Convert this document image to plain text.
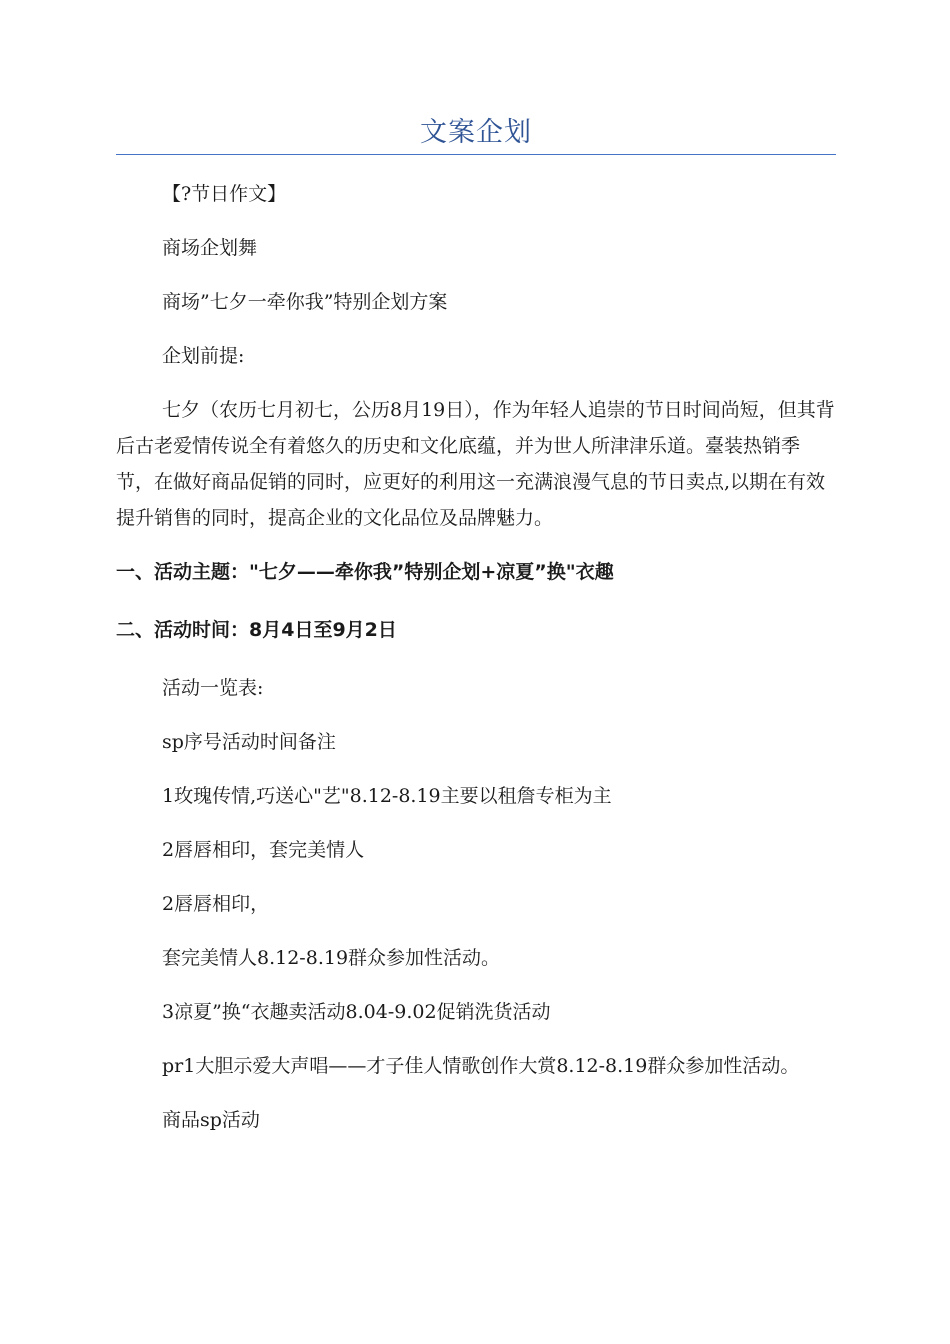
文案企划

【?节日作文】

商场企划舞

商场”七夕一牵你我”特别企划方案

企划前提:

七夕（农历七月初七，公历8月19日），作为年轻人追崇的节日时间尚短，但其背后古老爱情传说全有着悠久的历史和文化底蕴，并为世人所津津乐道。臺装热销季节，在做好商品促销的同时，应更好的利用这一充满浪漫气息的节日卖点,以期在有效提升销售的同时，提高企业的文化品位及品牌魅力。

一、活动主题："七夕——牵你我”特别企划+凉夏”换"衣趣

二、活动时间：8月4日至9月2日

活动一览表:

sp序号活动时间备注

1玫瑰传情,巧送心"艺"8.12-8.19主要以租詹专柜为主

2唇唇相印，套完美情人

2唇唇相印，

套完美情人8.12-8.19群众参加性活动。

3凉夏”换“衣趣卖活动8.04-9.02促销洗货活动

pr1大胆示爱大声唱——才子佳人情歌创作大赏8.12-8.19群众参加性活动。

商品sp活动
